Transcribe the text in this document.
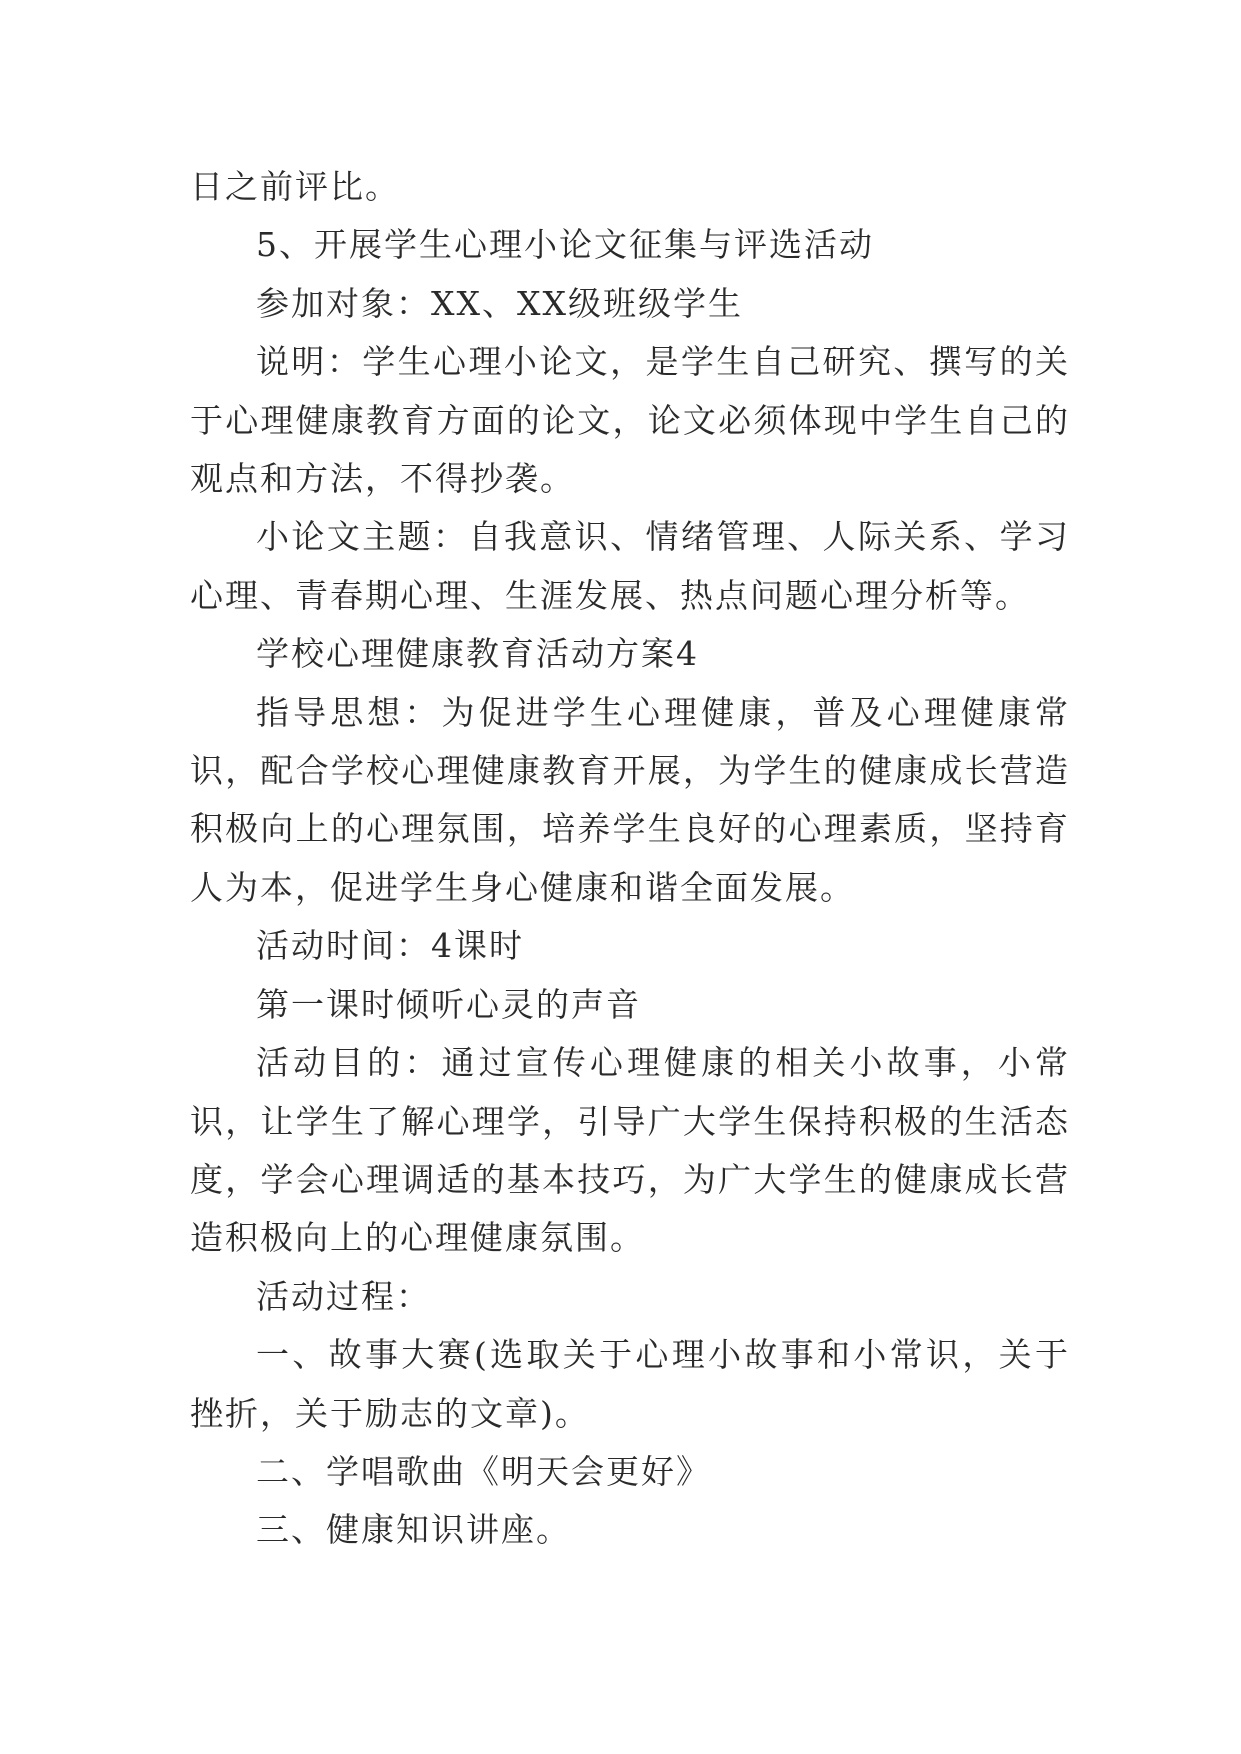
日之前评比。

5、开展学生心理小论文征集与评选活动

参加对象：XX、XX级班级学生

说明：学生心理小论文，是学生自己研究、撰写的关于心理健康教育方面的论文，论文必须体现中学生自己的观点和方法，不得抄袭。

小论文主题：自我意识、情绪管理、人际关系、学习心理、青春期心理、生涯发展、热点问题心理分析等。

学校心理健康教育活动方案4

指导思想：为促进学生心理健康，普及心理健康常识，配合学校心理健康教育开展，为学生的健康成长营造积极向上的心理氛围，培养学生良好的心理素质，坚持育人为本，促进学生身心健康和谐全面发展。

活动时间：4课时

第一课时倾听心灵的声音

活动目的：通过宣传心理健康的相关小故事，小常识，让学生了解心理学，引导广大学生保持积极的生活态度，学会心理调适的基本技巧，为广大学生的健康成长营造积极向上的心理健康氛围。

活动过程：

一、故事大赛(选取关于心理小故事和小常识，关于挫折，关于励志的文章)。

二、学唱歌曲《明天会更好》

三、健康知识讲座。
